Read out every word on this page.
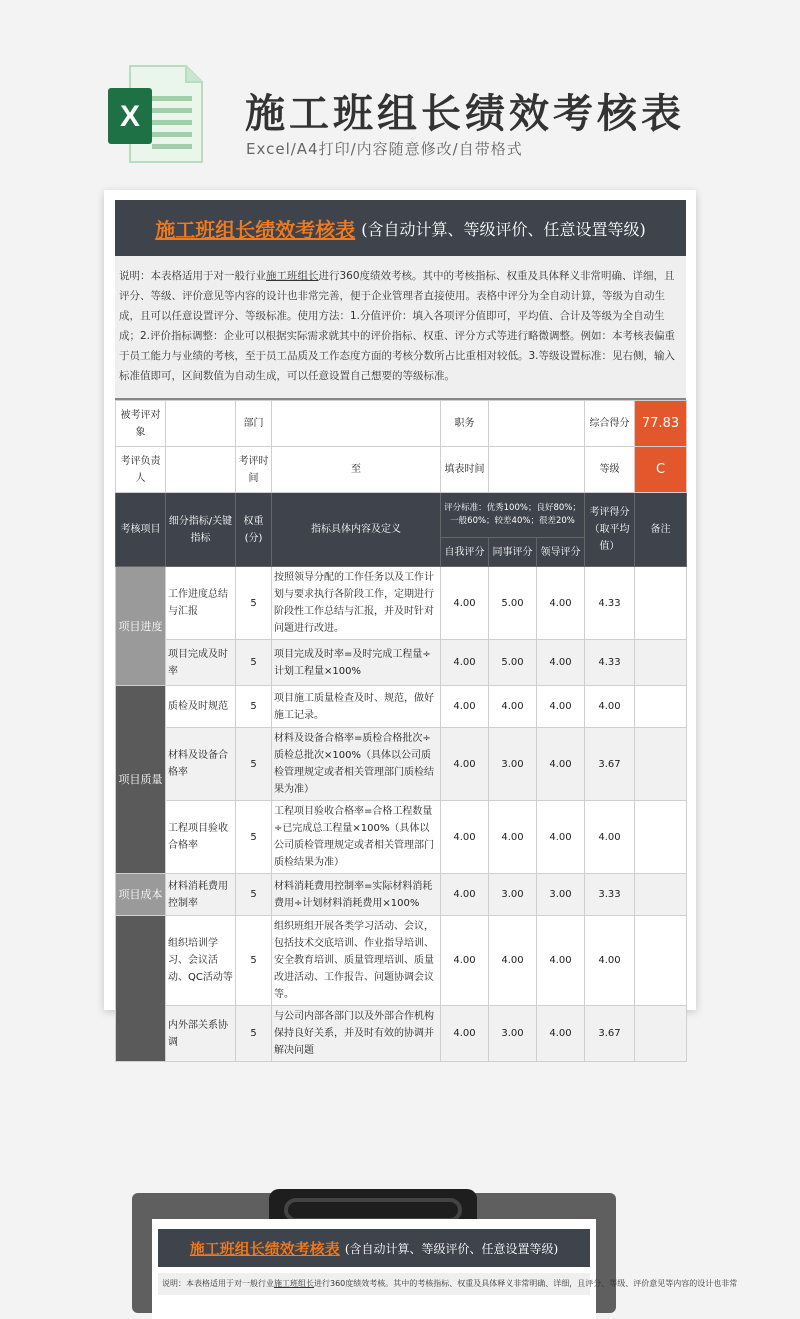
X	施工班组长绩效考核表
Excel/A4打印/内容随意修改/自带格式
施工班组长绩效考核表 (含自动计算、等级评价、任意设置等级)
说明：本表格适用于对一般行业施工班组长进行360度绩效考核。其中的考核指标、权重及具体释义非常明确、详细，且评分、等级、评价意见等内容的设计也非常完善，便于企业管理者直接使用。表格中评分为全自动计算，等级为自动生成，且可以任意设置评分、等级标准。使用方法：1.分值评价：填入各项评分值即可，平均值、合计及等级为全自动生成；2.评价指标调整：企业可以根据实际需求就其中的评价指标、权重、评分方式等进行略微调整。例如：本考核表偏重于员工能力与业绩的考核，至于员工品质及工作态度方面的考核分数所占比重相对较低。3.等级设置标准：见右侧，输入标准值即可，区间数值为自动生成，可以任意设置自己想要的等级标准。
被考评对象		部门		职务			综合得分	77.83
考评负责人		考评时间	至	填表时间			等级	C
考核项目	细分指标/关键指标	权重(分)	指标具体内容及定义	评分标准：优秀100%；良好80%；一般60%；较差40%；很差20%			考评得分（取平均值）	备注
				自我评分	同事评分	领导评分		
项目进度	工作进度总结与汇报	5	按照领导分配的工作任务以及工作计划与要求执行各阶段工作，定期进行阶段性工作总结与汇报，并及时针对问题进行改进。	4.00	5.00	4.00	4.33	
	项目完成及时率	5	项目完成及时率=及时完成工程量÷计划工程量×100%	4.00	5.00	4.00	4.33	
项目质量	质检及时规范	5	项目施工质量检查及时、规范，做好施工记录。	4.00	4.00	4.00	4.00	
	材料及设备合格率	5	材料及设备合格率=质检合格批次÷质检总批次×100%（具体以公司质检管理规定或者相关管理部门质检结果为准）	4.00	3.00	4.00	3.67	
	工程项目验收合格率	5	工程项目验收合格率=合格工程数量÷已完成总工程量×100%（具体以公司质检管理规定或者相关管理部门质检结果为准）	4.00	4.00	4.00	4.00	
项目成本	材料消耗费用控制率	5	材料消耗费用控制率=实际材料消耗费用÷计划材料消耗费用×100%	4.00	3.00	3.00	3.33	
	组织培训学习、会议活动、QC活动等	5	组织班组开展各类学习活动、会议，包括技术交底培训、作业指导培训、安全教育培训、质量管理培训、质量改进活动、工作报告、问题协调会议等。	4.00	4.00	4.00	4.00	
	内外部关系协调	5	与公司内部各部门以及外部合作机构保持良好关系，并及时有效的协调并解决问题	4.00	3.00	4.00	3.67	
施工班组长绩效考核表 (含自动计算、等级评价、任意设置等级)
说明：本表格适用于对一般行业施工班组长进行360度绩效考核。其中的考核指标、权重及具体释义非常明确、详细，且评分、等级、评价意见等内容的设计也非常
